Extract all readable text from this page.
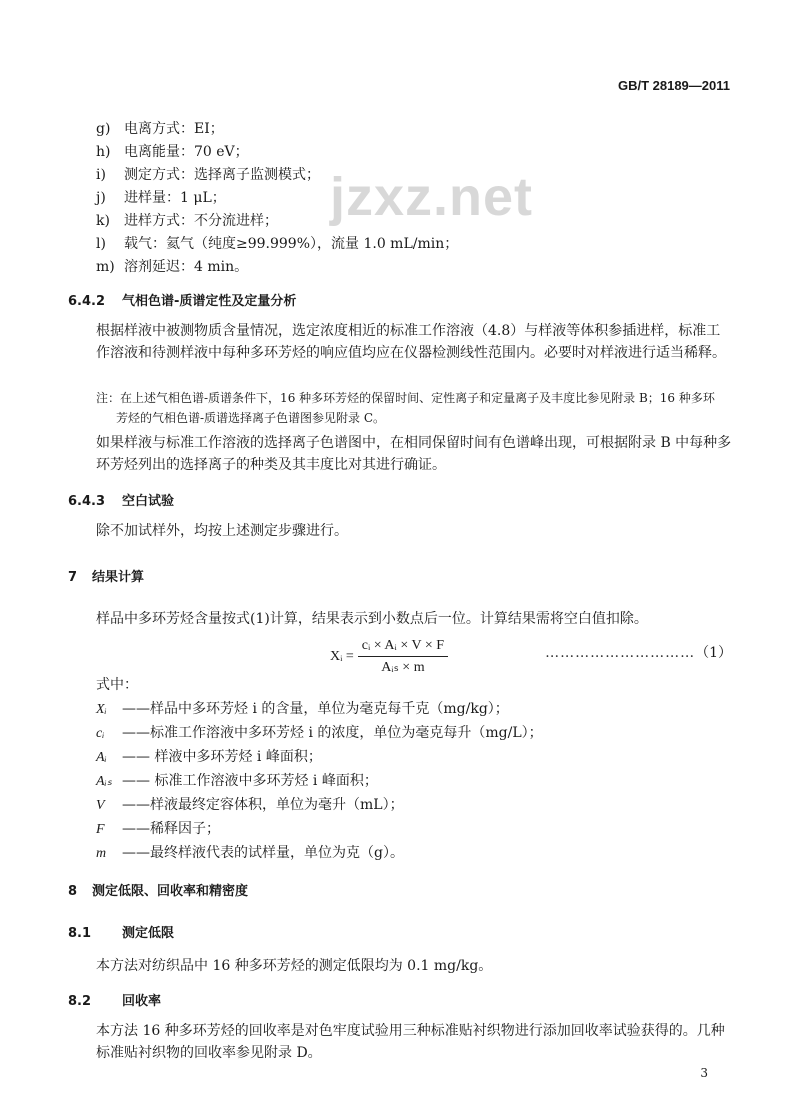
GB/T 28189—2011
jzxz.net
g) 电离方式：EI；
h) 电离能量：70 eV；
i) 测定方式：选择离子监测模式；
j) 进样量：1 μL；
k) 进样方式：不分流进样；
l) 载气：氦气（纯度≥99.999%），流量 1.0 mL/min；
m) 溶剂延迟：4 min。
6.4.2 气相色谱-质谱定性及定量分析
根据样液中被测物质含量情况，选定浓度相近的标准工作溶液（4.8）与样液等体积参插进样，标准工作溶液和待测样液中每种多环芳烃的响应值均应在仪器检测线性范围内。必要时对样液进行适当稀释。
注：在上述气相色谱-质谱条件下，16 种多环芳烃的保留时间、定性离子和定量离子及丰度比参见附录 B；16 种多环
芳烃的气相色谱-质谱选择离子色谱图参见附录 C。
如果样液与标准工作溶液的选择离子色谱图中，在相同保留时间有色谱峰出现，可根据附录 B 中每种多环芳烃列出的选择离子的种类及其丰度比对其进行确证。
6.4.3 空白试验
除不加试样外，均按上述测定步骤进行。
7 结果计算
样品中多环芳烃含量按式(1)计算，结果表示到小数点后一位。计算结果需将空白值扣除。
Xᵢ = $\frac{\text{cᵢ × Aᵢ × V × F}}{\text{Aᵢₛ × m}}$	…………………………（1）
式中：
Xᵢ ——样品中多环芳烃 i 的含量，单位为毫克每千克（mg/kg）；
cᵢ ——标准工作溶液中多环芳烃 i 的浓度，单位为毫克每升（mg/L）；
Aᵢ —— 样液中多环芳烃 i 峰面积；
Aᵢₛ —— 标准工作溶液中多环芳烃 i 峰面积；
V ——样液最终定容体积，单位为毫升（mL）；
F ——稀释因子；
m ——最终样液代表的试样量，单位为克（g）。
8 测定低限、回收率和精密度
8.1 测定低限
本方法对纺织品中 16 种多环芳烃的测定低限均为 0.1 mg/kg。
8.2 回收率
本方法 16 种多环芳烃的回收率是对色牢度试验用三种标准贴衬织物进行添加回收率试验获得的。几种标准贴衬织物的回收率参见附录 D。
3
